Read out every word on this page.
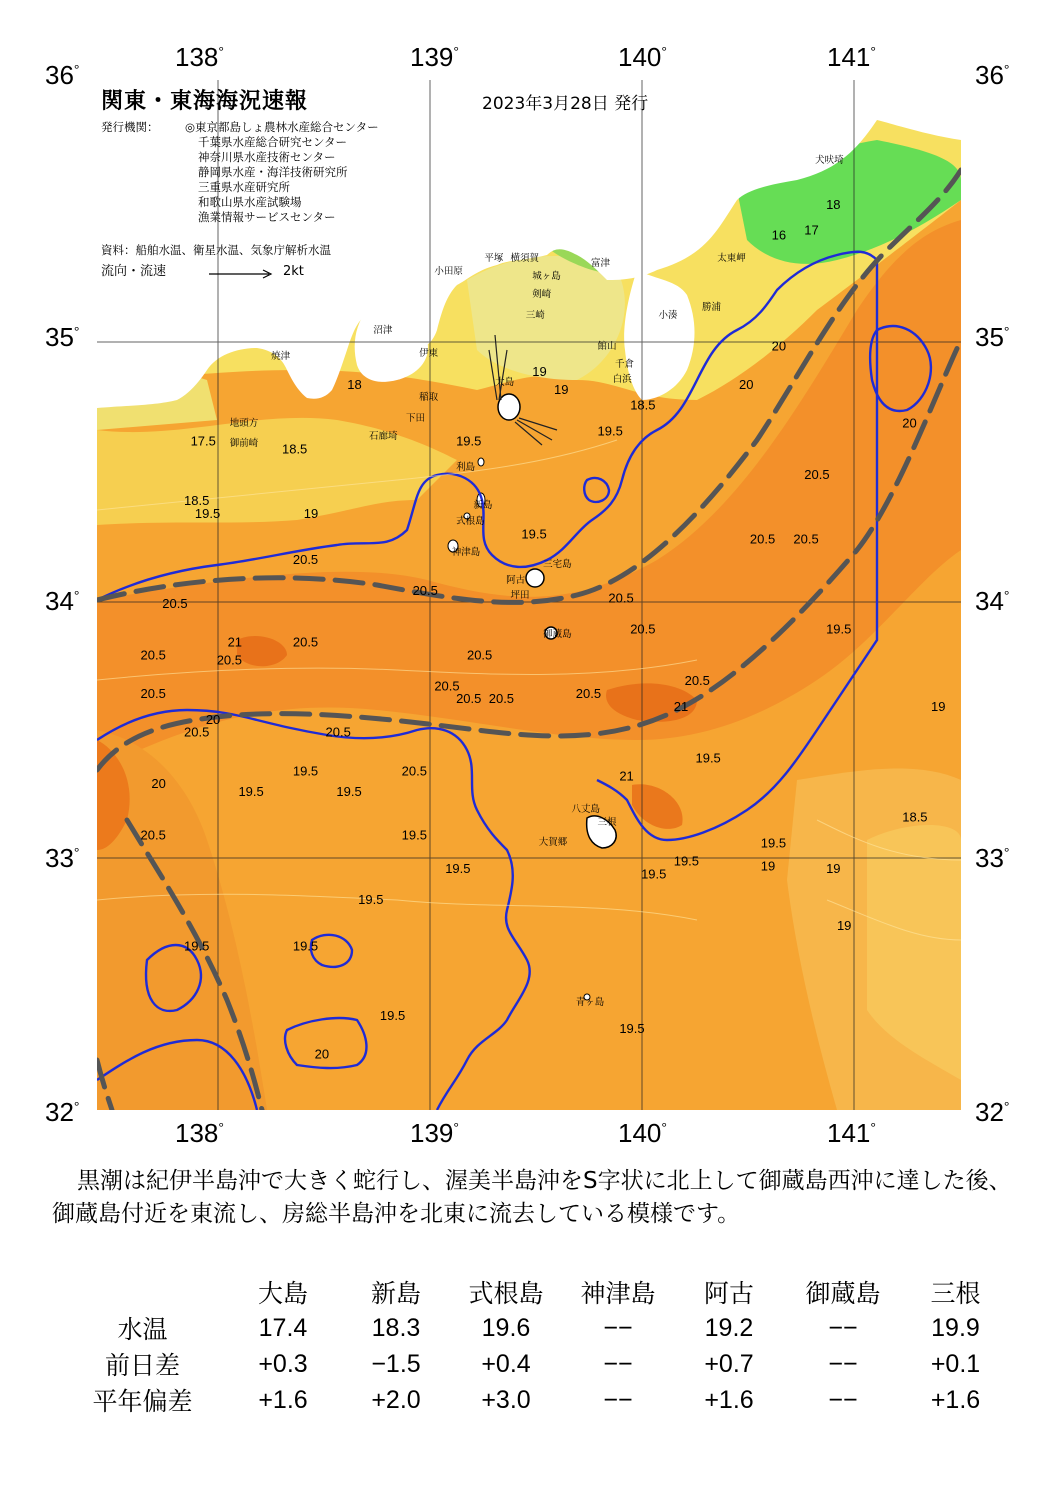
36°
35°
34°
33°
32°
36°
35°
34°
33°
32°
138°	139°	140°	141°
138°	139°	140°	141°
関東・東海海況速報	2023年3月28日 発行
発行機関： ◎東京都島しょ農林水産総合センター
千葉県水産総合研究センター
神奈川県水産技術センター
静岡県水産・海洋技術研究所
三重県水産研究所
和歌山県水産試験場
漁業情報サービスセンター
資料：船舶水温、衛星水温、気象庁解析水温
流向・流速	2kt
犬吠埼
太東岬
勝浦
小湊
富津
館山
千倉
白浜
平塚 横須賀
城ヶ島
剣崎
三崎
小田原
沼津
伊東
焼津
稲取
下田
石廊埼
地頭方
御前崎
大島
利島
新島
式根島
神津島
阿古
三宅島
坪田
御蔵島
八丈島
三根
大賀郷
青ヶ島
20.5
20.5
20.5
20.5
20.5
20.5
20.5
20.5
20.5
20.5
20.5 20.5
20.5
20.5
20.5
20.5
20.5 20.5
20.5
20.5
20.5
19.5
19.5
19.5	19.5
19.5
19.5
19.5
19.5
19.5
19.5
19.5
19.5
19.5
19.5
19.5
19.5
19.5
19.5
19.5
18.5
18.5
18.5
18.5
19
19	19
19
19
20
20
20
20
20
20
21
21
21
20.5
16 17
18
19
19
18
17.5
黒潮は紀伊半島沖で大きく蛇行し、渥美半島沖をS字状に北上して御蔵島西沖に達した後、御蔵島付近を東流し、房総半島沖を北東に流去している模様です。
	大島	新島	式根島	神津島	阿古	御蔵島	三根
水温	17.4	18.3	19.6	−−	19.2	−−	19.9
前日差	+0.3	−1.5	+0.4	−−	+0.7	−−	+0.1
平年偏差	+1.6	+2.0	+3.0	−−	+1.6	−−	+1.6
